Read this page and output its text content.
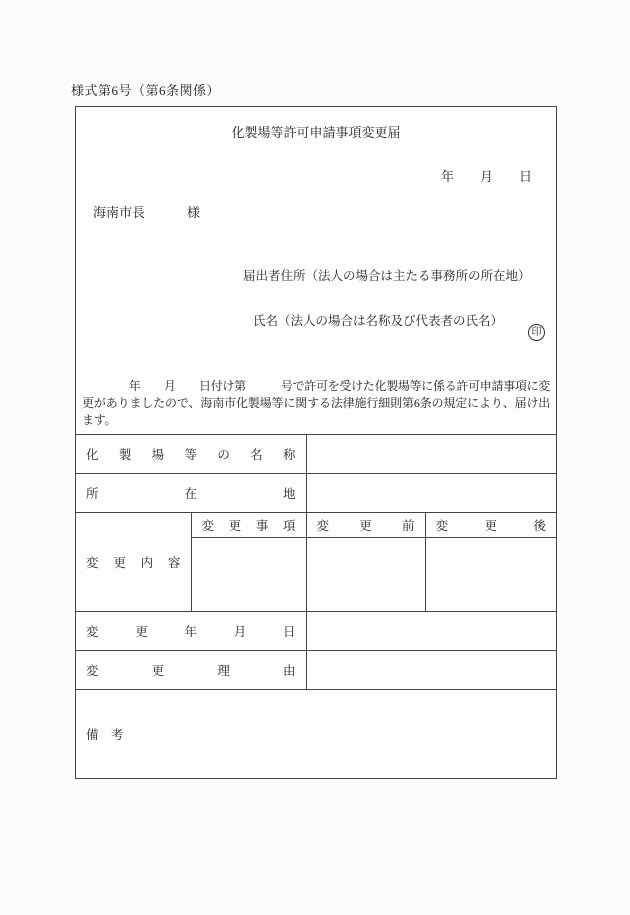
様式第6号（第6条関係）
化製場等許可申請事項変更届
年　　月　　日
海南市長	様
届出者住所（法人の場合は主たる事務所の所在地）
氏名（法人の場合は名称及び代表者の氏名）
印
　　　　年　　月　　日付け第　　　号で許可を受けた化製場等に係る許可申請事項に変更がありましたので、海南市化製場等に関する法律施行細則第6条の規定により、届け出ます。
化　製　場　等　の　名　称			

所　在　地			

変　更　内　容	変　更　事　項	変　更　前	変　更　後

変　更　年　月　日			

変　更　理　由			

備　考			
